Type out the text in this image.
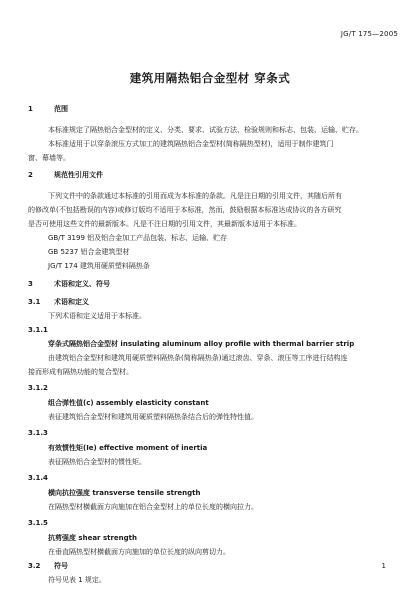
JG/T 175—2005
建筑用隔热铝合金型材 穿条式
1	范围
本标准规定了隔热铝合金型材的定义、分类、要求、试验方法、检验规则和标志、包装、运输、贮存。
本标准适用于以穿条滚压方式加工的建筑隔热铝合金型材(简称隔热型材)，适用于制作建筑门
窗、幕墙等。
2	规范性引用文件
下列文件中的条款通过本标准的引用而成为本标准的条款。凡是注日期的引用文件，其随后所有
的修改单(不包括勘误的内容)或修订版均不适用于本标准，然而，鼓励根据本标准达成协议的各方研究
是否可使用这些文件的最新版本。凡是不注日期的引用文件，其最新版本适用于本标准。
GB/T 3199 铝及铝合金加工产品包装、标志、运输、贮存
GB 5237 铝合金建筑型材
JG/T 174 建筑用硬质塑料隔热条
3	术语和定义、符号
3.1 术语和定义
下列术语和定义适用于本标准。
3.1.1
穿条式隔热铝合金型材 insulating aluminum alloy profile with thermal barrier strip
由建筑铝合金型材和建筑用硬质塑料隔热条(简称隔热条)通过滚齿、穿条、滚压等工序进行结构连
接而形成有隔热功能的复合型材。
3.1.2
组合弹性值(c) assembly elasticity constant
表征建筑铝合金型材和建筑用硬质塑料隔热条结合后的弹性特性值。
3.1.3
有效惯性矩(Ie) effective moment of inertia
表征隔热铝合金型材的惯性矩。
3.1.4
横向抗拉强度 transverse tensile strength
在隔热型材横截面方向施加在铝合金型材上的单位长度的横向拉力。
3.1.5
抗剪强度 shear strength
在垂直隔热型材横截面方向施加的单位长度的纵向剪切力。
3.2 符号
符号见表 1 规定。
1
